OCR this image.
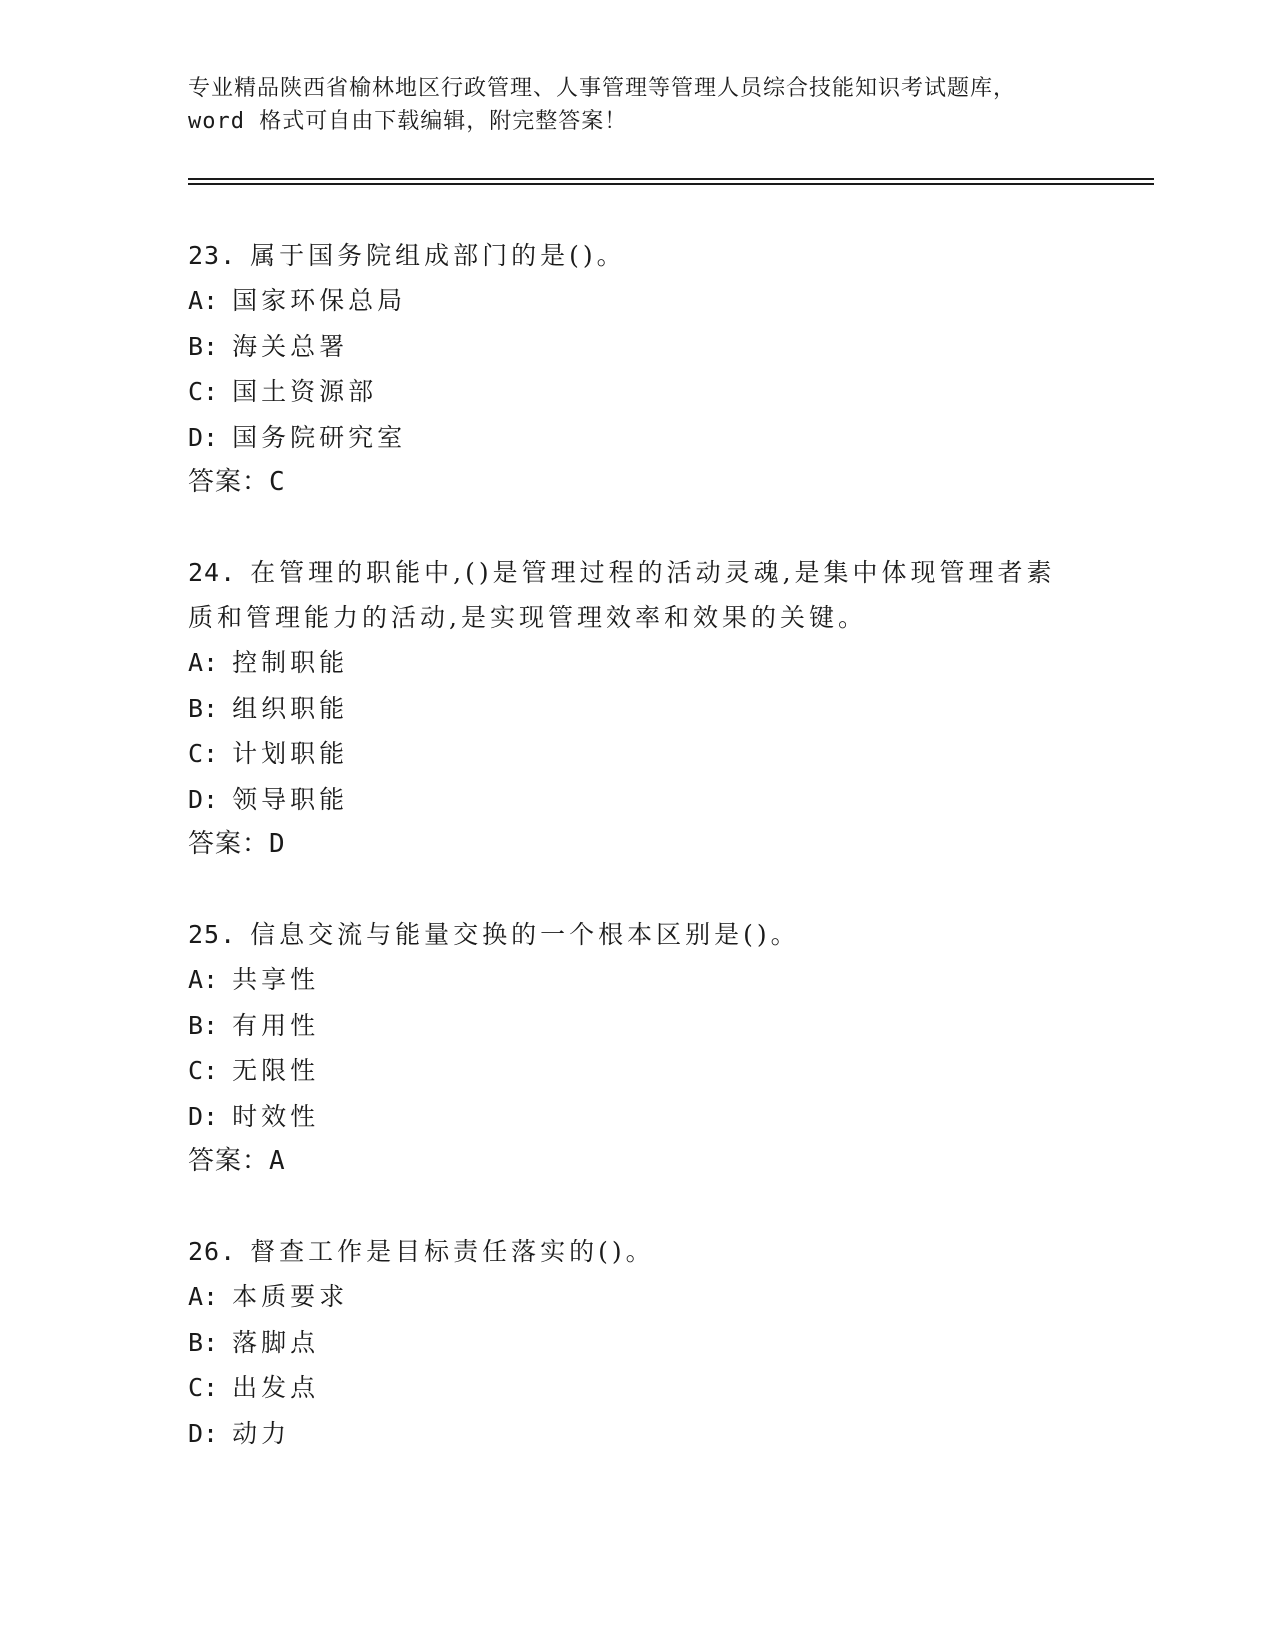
专业精品陕西省榆林地区行政管理、人事管理等管理人员综合技能知识考试题库，
word 格式可自由下载编辑，附完整答案！
23. 属于国务院组成部门的是()。
A: 国家环保总局
B: 海关总署
C: 国土资源部
D: 国务院研究室
答案：C
24. 在管理的职能中,()是管理过程的活动灵魂,是集中体现管理者素
质和管理能力的活动,是实现管理效率和效果的关键。
A: 控制职能
B: 组织职能
C: 计划职能
D: 领导职能
答案：D
25. 信息交流与能量交换的一个根本区别是()。
A: 共享性
B: 有用性
C: 无限性
D: 时效性
答案：A
26. 督查工作是目标责任落实的()。
A: 本质要求
B: 落脚点
C: 出发点
D: 动力
